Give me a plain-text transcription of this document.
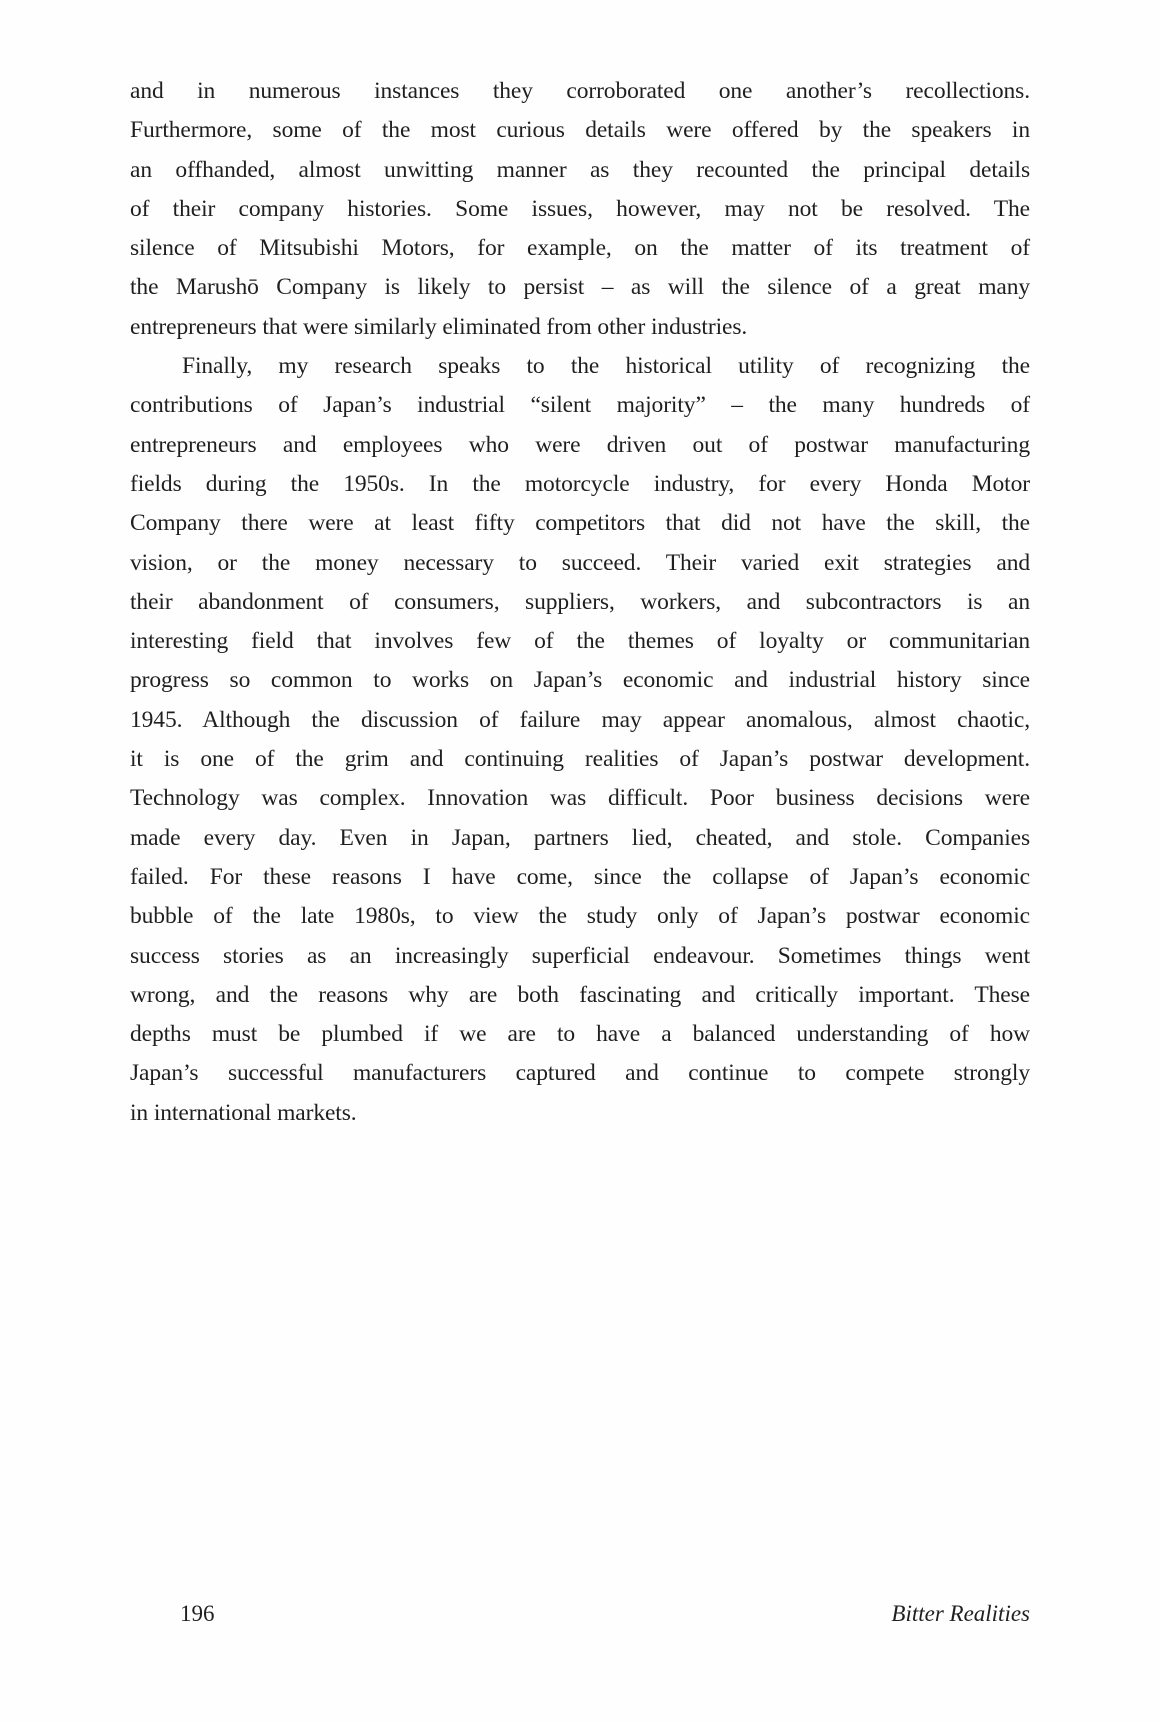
and in numerous instances they corroborated one another’s recollections.
Furthermore, some of the most curious details were offered by the speakers in
an offhanded, almost unwitting manner as they recounted the principal details
of their company histories. Some issues, however, may not be resolved. The
silence of Mitsubishi Motors, for example, on the matter of its treatment of
the Marushō Company is likely to persist – as will the silence of a great many
entrepreneurs that were similarly eliminated from other industries.
Finally, my research speaks to the historical utility of recognizing the
contributions of Japan’s industrial “silent majority” – the many hundreds of
entrepreneurs and employees who were driven out of postwar manufacturing
fields during the 1950s. In the motorcycle industry, for every Honda Motor
Company there were at least fifty competitors that did not have the skill, the
vision, or the money necessary to succeed. Their varied exit strategies and
their abandonment of consumers, suppliers, workers, and subcontractors is an
interesting field that involves few of the themes of loyalty or communitarian
progress so common to works on Japan’s economic and industrial history since
1945. Although the discussion of failure may appear anomalous, almost chaotic,
it is one of the grim and continuing realities of Japan’s postwar development.
Technology was complex. Innovation was difficult. Poor business decisions were
made every day. Even in Japan, partners lied, cheated, and stole. Companies
failed. For these reasons I have come, since the collapse of Japan’s economic
bubble of the late 1980s, to view the study only of Japan’s postwar economic
success stories as an increasingly superficial endeavour. Sometimes things went
wrong, and the reasons why are both fascinating and critically important. These
depths must be plumbed if we are to have a balanced understanding of how
Japan’s successful manufacturers captured and continue to compete strongly
in international markets.
196	Bitter Realities
